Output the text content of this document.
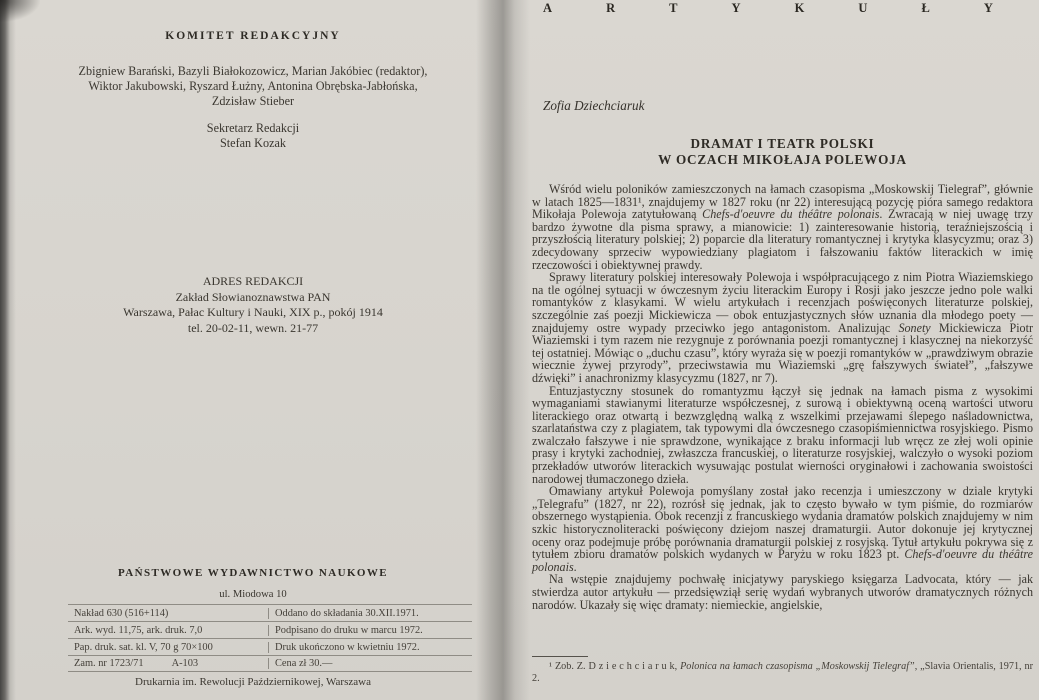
KOMITET REDAKCYJNY
Zbigniew Barański, Bazyli Białokozowicz, Marian Jakóbiec (redaktor),
Wiktor Jakubowski, Ryszard Łużny, Antonina Obrębska-Jabłońska,
Zdzisław Stieber
Sekretarz Redakcji
Stefan Kozak
ADRES REDAKCJI
Zakład Słowianoznawstwa PAN
Warszawa, Pałac Kultury i Nauki, XIX p., pokój 1914
tel. 20-02-11, wewn. 21-77
PAŃSTWOWE WYDAWNICTWO NAUKOWE
ul. Miodowa 10
Nakład 630 (516+114)	Oddano do składania 30.XII.1971.
Ark. wyd. 11,75, ark. druk. 7,0	Podpisano do druku w marcu 1972.
Pap. druk. sat. kl. V, 70 g 70×100	Druk ukończono w kwietniu 1972.
Zam. nr 1723/71	A-103	Cena zł 30.—
Drukarnia im. Rewolucji Październikowej, Warszawa
A	R	T	Y	K	U	Ł	Y
Zofia Dziechciaruk
DRAMAT I TEATR POLSKI
W OCZACH MIKOŁAJA POLEWOJA

Wśród wielu poloników zamieszczonych na łamach czasopisma „Moskowskij Tielegraf”, głównie w latach 1825—1831¹, znajdujemy w 1827 roku (nr 22) interesującą pozycję pióra samego redaktora Mikołaja Polewoja zatytułowaną Chefs-d'oeuvre du théâtre polonais. Zwracają w niej uwagę trzy bardzo żywotne dla pisma sprawy, a mianowicie: 1) zainteresowanie historią, teraźniejszością i przyszłością literatury polskiej; 2) poparcie dla literatury romantycznej i krytyka klasycyzmu; oraz 3) zdecydowany sprzeciw wypowiedziany plagiatom i fałszowaniu faktów literackich w imię rzeczowości i obiektywnej prawdy.

Sprawy literatury polskiej interesowały Polewoja i współpracującego z nim Piotra Wiaziemskiego na tle ogólnej sytuacji w ówczesnym życiu literackim Europy i Rosji jako jeszcze jedno pole walki romantyków z klasykami. W wielu artykułach i recenzjach poświęconych literaturze polskiej, szczególnie zaś poezji Mickiewicza — obok entuzjastycznych słów uznania dla młodego poety — znajdujemy ostre wypady przeciwko jego antagonistom. Analizując Sonety Mickiewicza Piotr Wiaziemski i tym razem nie rezygnuje z porównania poezji romantycznej i klasycznej na niekorzyść tej ostatniej. Mówiąc o „duchu czasu”, który wyraża się w poezji romantyków w „prawdziwym obrazie wiecznie żywej przyrody”, przeciwstawia mu Wiaziemski „grę fałszywych świateł”, „fałszywe dźwięki” i anachronizmy klasycyzmu (1827, nr 7).

Entuzjastyczny stosunek do romantyzmu łączył się jednak na łamach pisma z wysokimi wymaganiami stawianymi literaturze współczesnej, z surową i obiektywną oceną wartości utworu literackiego oraz otwartą i bezwzględną walką z wszelkimi przejawami ślepego naśladownictwa, szarlataństwa czy z plagiatem, tak typowymi dla ówczesnego czasopiśmiennictwa rosyjskiego. Pismo zwalczało fałszywe i nie sprawdzone, wynikające z braku informacji lub wręcz ze złej woli opinie prasy i krytyki zachodniej, zwłaszcza francuskiej, o literaturze rosyjskiej, walczyło o wysoki poziom przekładów utworów literackich wysuwając postulat wierności oryginałowi i zachowania swoistości narodowej tłumaczonego dzieła.

Omawiany artykuł Polewoja pomyślany został jako recenzja i umieszczony w dziale krytyki „Telegrafu” (1827, nr 22), rozrósł się jednak, jak to często bywało w tym piśmie, do rozmiarów obszernego wystąpienia. Obok recenzji z francuskiego wydania dramatów polskich znajdujemy w nim szkic historycznoliteracki poświęcony dziejom naszej dramaturgii. Autor dokonuje jej krytycznej oceny oraz podejmuje próbę porównania dramaturgii polskiej z rosyjską. Tytuł artykułu pokrywa się z tytułem zbioru dramatów polskich wydanych w Paryżu w roku 1823 pt. Chefs-d'oeuvre du théâtre polonais.

Na wstępie znajdujemy pochwałę inicjatywy paryskiego księgarza Ladvocata, który — jak stwierdza autor artykułu — przedsięwziął serię wydań wybranych utworów dramatycznych różnych narodów. Ukazały się więc dramaty: niemieckie, angielskie,

¹ Zob. Z. D z i e c h c i a r u k, Polonica na łamach czasopisma „Moskowskij Tielegraf”, „Slavia Orientalis, 1971, nr 2.
